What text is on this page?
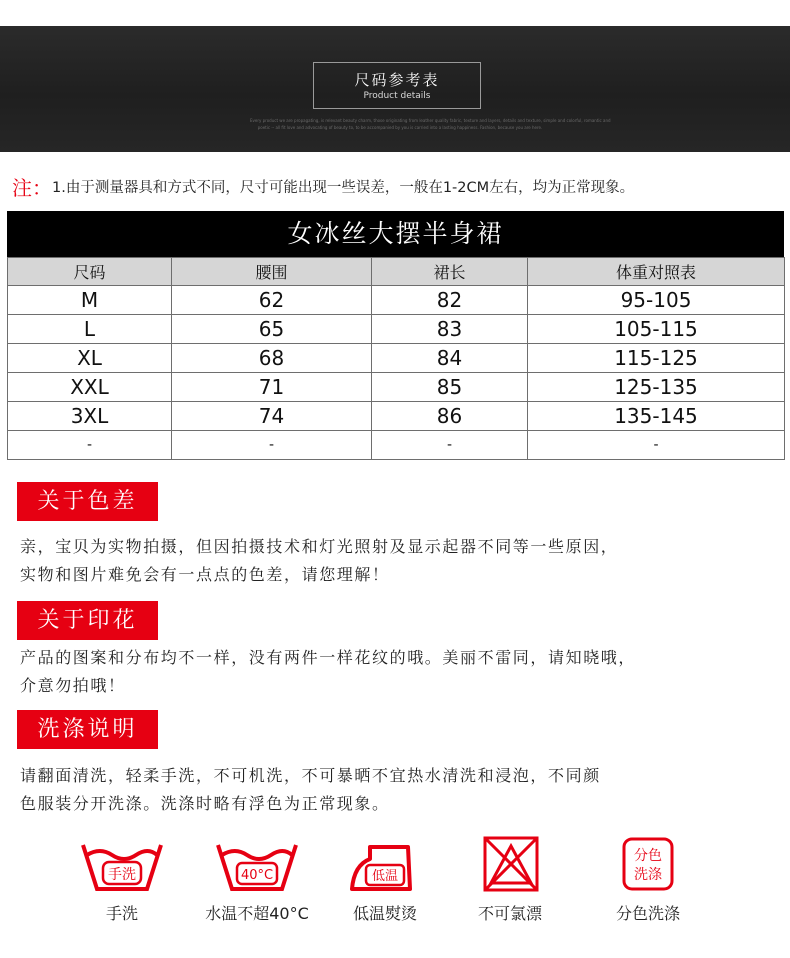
尺码参考表
Product details
Every product we are propagating, is relevant beauty charm, those originating from leather quality fabric, texture and layers, details and texture, simple and colorful, romantic and
poetic -- all fit love and advocating of beauty to, to be accompanied by you is carried into a lasting happiness. Fashion, because you are here.
注：1.由于测量器具和方式不同，尺寸可能出现一些误差，一般在1-2CM左右，均为正常现象。
女冰丝大摆半身裙
尺码	腰围	裙长	体重对照表
M	62	82	95-105
L	65	83	105-115
XL	68	84	115-125
XXL	71	85	125-135
3XL	74	86	135-145
-	-	-	-
关于色差
亲，宝贝为实物拍摄，但因拍摄技术和灯光照射及显示起器不同等一些原因，
实物和图片难免会有一点点的色差，请您理解！
关于印花
产品的图案和分布均不一样，没有两件一样花纹的哦。美丽不雷同，请知晓哦，
介意勿拍哦！
洗涤说明
请翻面清洗，轻柔手洗，不可机洗，不可暴晒不宜热水清洗和浸泡，不同颜
色服装分开洗涤。洗涤时略有浮色为正常现象。
手洗
手洗
40°C
水温不超40°C
低温
低温熨烫	不可氯漂
分色
洗涤
分色洗涤
